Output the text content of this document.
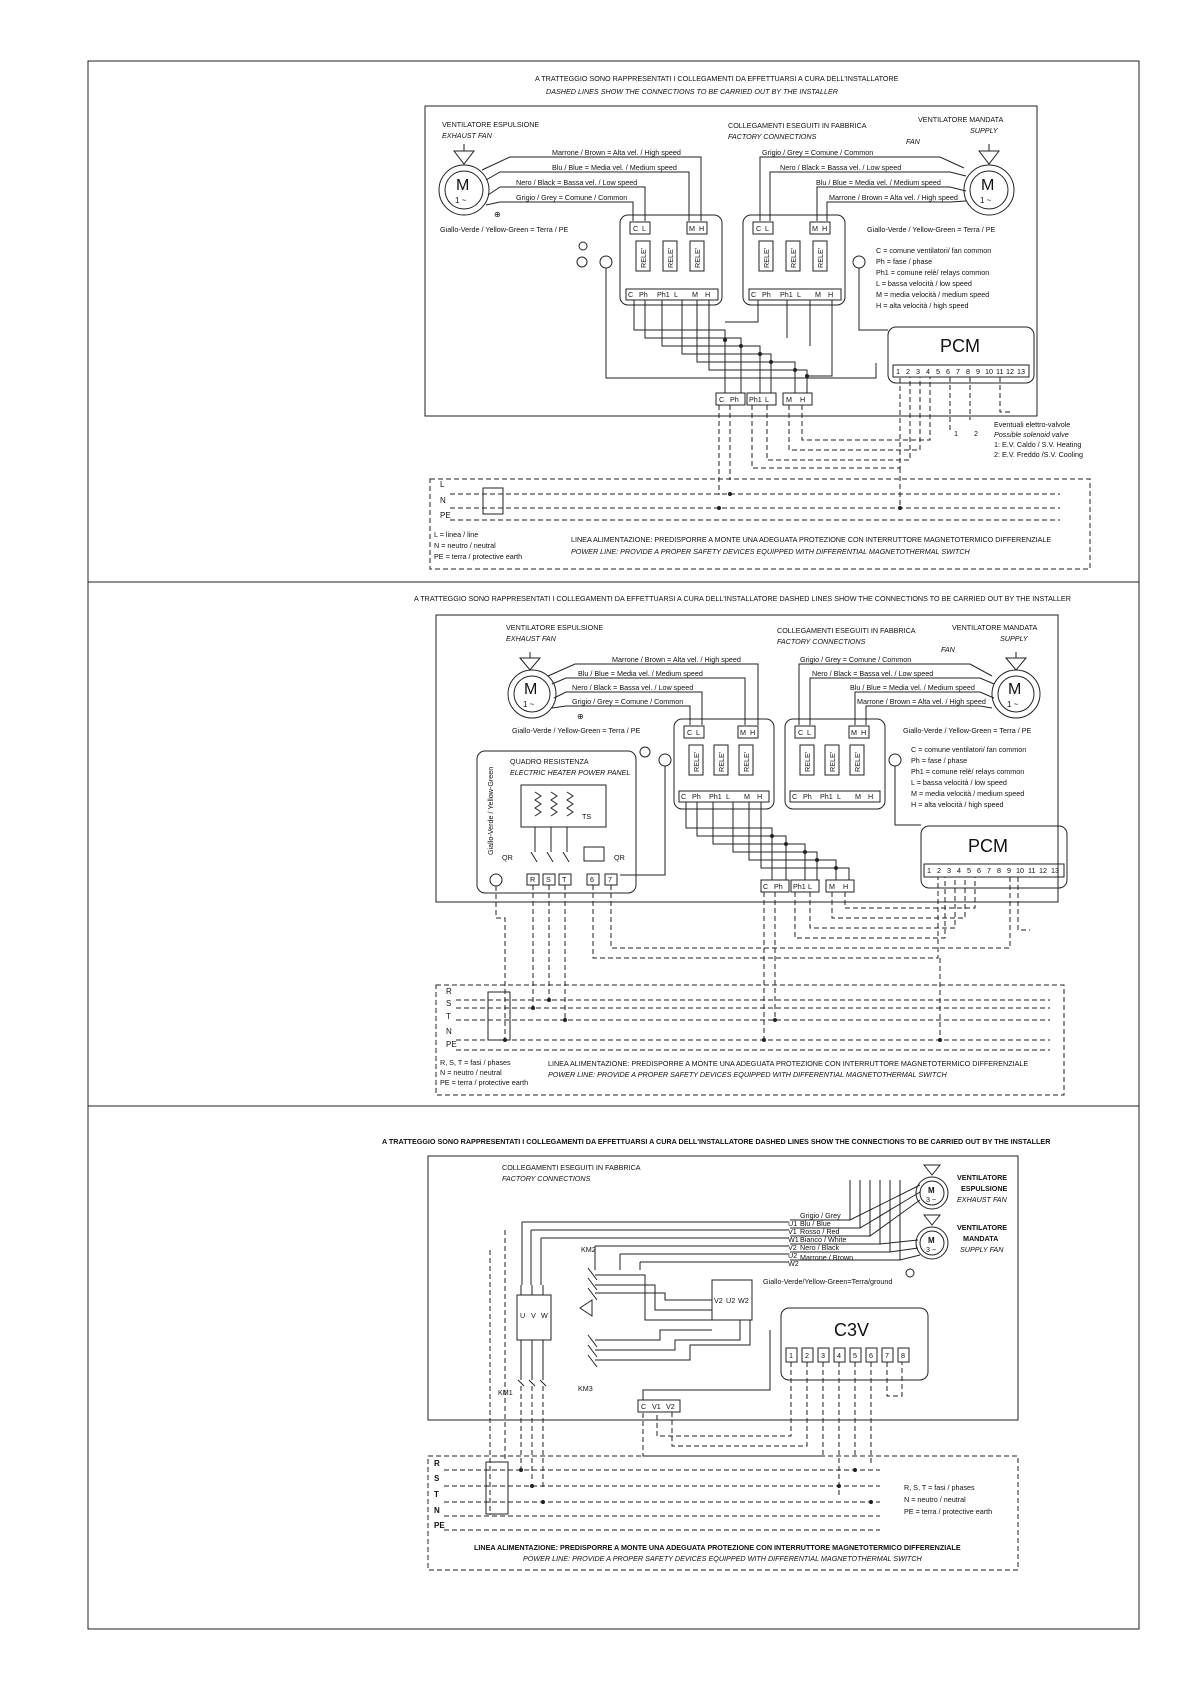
A TRATTEGGIO SONO RAPPRESENTATI I COLLEGAMENTI DA EFFETTUARSI A CURA DELL'INSTALLATORE
DASHED LINES SHOW THE CONNECTIONS TO BE CARRIED OUT BY THE INSTALLER
VENTILATORE ESPULSIONE
EXHAUST FAN
COLLEGAMENTI ESEGUITI IN FABBRICA
FACTORY CONNECTIONS
VENTILATORE MANDATA
SUPPLY
FAN
M
1 ~
M
1 ~
Marrone / Brown = Alta vel. / High speed
Blu / Blue = Media vel. / Medium speed
Nero / Black = Bassa vel. / Low speed
Grigio / Grey = Comune / Common
⊕
Giallo-Verde / Yellow-Green = Terra / PE
Grigio / Grey = Comune / Common
Nero / Black = Bassa vel. / Low speed
Blu / Blue = Media vel. / Medium speed
Marrone / Brown = Alta vel. / High speed
Giallo-Verde / Yellow-Green = Terra / PE
C L	M H
RELE'	RELE'	RELE'
C Ph Ph1 L M H
C L	M H
RELE'	RELE'	RELE'
C Ph Ph1 L M H
C = comune ventilatori/ fan common
Ph = fase / phase
Ph1 = comune relè/ relays common
L = bassa velocità / low speed
M = media velocità / medium speed
H = alta velocità / high speed
C Ph Ph1 L M H
PCM
1 2 3 4 5 6 7 8 9 10 11 12 13
1 2
Eventuali elettro-valvole
Possible solenoid valve
1: E.V. Caldo / S.V. Heating
2: E.V. Freddo /S.V. Cooling
L
N
PE
L = linea / line
N = neutro / neutral
PE = terra / protective earth
LINEA ALIMENTAZIONE: PREDISPORRE A MONTE UNA ADEGUATA PROTEZIONE CON INTERRUTTORE MAGNETOTERMICO DIFFERENZIALE
POWER LINE: PROVIDE A PROPER SAFETY DEVICES EQUIPPED WITH DIFFERENTIAL MAGNETOTHERMAL SWITCH
A TRATTEGGIO SONO RAPPRESENTATI I COLLEGAMENTI DA EFFETTUARSI A CURA DELL'INSTALLATORE DASHED LINES SHOW THE CONNECTIONS TO BE CARRIED OUT BY THE INSTALLER
VENTILATORE ESPULSIONE
EXHAUST FAN
COLLEGAMENTI ESEGUITI IN FABBRICA
FACTORY CONNECTIONS
VENTILATORE MANDATA
SUPPLY
FAN
M
1 ~
M
1 ~
Marrone / Brown = Alta vel. / High speed
Blu / Blue = Media vel. / Medium speed
Nero / Black = Bassa vel. / Low speed
Grigio / Grey = Comune / Common
⊕
Giallo-Verde / Yellow-Green = Terra / PE
Grigio / Grey = Comune / Common
Nero / Black = Bassa vel. / Low speed
Blu / Blue = Media vel. / Medium speed
Marrone / Brown = Alta vel. / High speed
Giallo-Verde / Yellow-Green = Terra / PE
C L	M H
RELE' RELE' RELE'
C Ph Ph1 L M H
C L	M H
RELE' RELE' RELE'
C Ph Ph1 L M H
C = comune ventilatori/ fan common
Ph = fase / phase
Ph1 = comune relè/ relays common
L = bassa velocità / low speed
M = media velocità / medium speed
H = alta velocità / high speed
QUADRO RESISTENZA
ELECTRIC HEATER POWER PANEL
Giallo-Verde / Yellow-Green	TS
QR	QR
R S T	6 7
C Ph Ph1 L M H
PCM
1 2 3 4 5 6 7 8 9 10 11 12 13
R
S
T
N
PE
R, S, T = fasi / phases
N = neutro / neutral
PE = terra / protective earth
LINEA ALIMENTAZIONE: PREDISPORRE A MONTE UNA ADEGUATA PROTEZIONE CON INTERRUTTORE MAGNETOTERMICO DIFFERENZIALE
POWER LINE: PROVIDE A PROPER SAFETY DEVICES EQUIPPED WITH DIFFERENTIAL MAGNETOTHERMAL SWITCH
A TRATTEGGIO SONO RAPPRESENTATI I COLLEGAMENTI DA EFFETTUARSI A CURA DELL'INSTALLATORE DASHED LINES SHOW THE CONNECTIONS TO BE CARRIED OUT BY THE INSTALLER
COLLEGAMENTI ESEGUITI IN FABBRICA
FACTORY CONNECTIONS
M
3 ~
M
3 ~
VENTILATORE
ESPULSIONE
EXHAUST FAN
VENTILATORE
MANDATA
SUPPLY FAN
U1
V1
W1
V2
U2
W2
Grigio / Grey
Blu / Blue
Rosso / Red
Bianco / White
Nero / Black
Marrone / Brown
Giallo-Verde/Yellow-Green=Terra/ground
KM2
KM3
U V W
KM1
V2 U2 W2
C3V
1 2 3 4 5 6 7 8
C V1 V2
R
S
T
N
PE
R, S, T = fasi / phases
N = neutro / neutral
PE = terra / protective earth
LINEA ALIMENTAZIONE: PREDISPORRE A MONTE UNA ADEGUATA PROTEZIONE CON INTERRUTTORE MAGNETOTERMICO DIFFERENZIALE
POWER LINE: PROVIDE A PROPER SAFETY DEVICES EQUIPPED WITH DIFFERENTIAL MAGNETOTHERMAL SWITCH
